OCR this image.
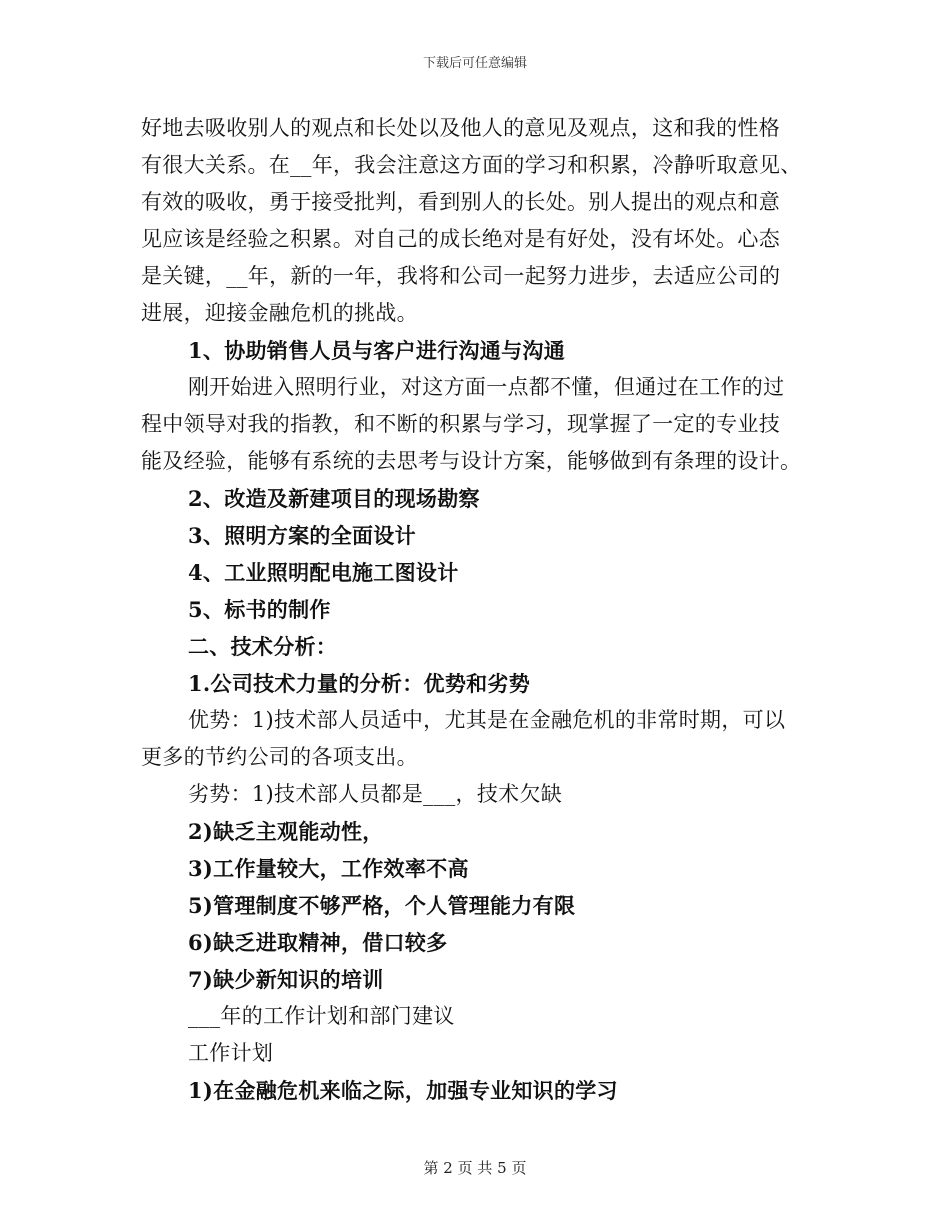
下载后可任意编辑
好地去吸收别人的观点和长处以及他人的意见及观点，这和我的性格
有很大关系。在__年，我会注意这方面的学习和积累，冷静听取意见、
有效的吸收，勇于接受批判，看到别人的长处。别人提出的观点和意
见应该是经验之积累。对自己的成长绝对是有好处，没有坏处。心态
是关键，__年，新的一年，我将和公司一起努力进步，去适应公司的
进展，迎接金融危机的挑战。
1、协助销售人员与客户进行沟通与沟通
刚开始进入照明行业，对这方面一点都不懂，但通过在工作的过
程中领导对我的指教，和不断的积累与学习，现掌握了一定的专业技
能及经验，能够有系统的去思考与设计方案，能够做到有条理的设计。
2、改造及新建项目的现场勘察
3、照明方案的全面设计
4、工业照明配电施工图设计
5、标书的制作
二、技术分析：
1.公司技术力量的分析：优势和劣势
优势：1)技术部人员适中，尤其是在金融危机的非常时期，可以
更多的节约公司的各项支出。
劣势：1)技术部人员都是___，技术欠缺
2)缺乏主观能动性，
3)工作量较大，工作效率不高
5)管理制度不够严格，个人管理能力有限
6)缺乏进取精神，借口较多
7)缺少新知识的培训
___年的工作计划和部门建议
工作计划
1)在金融危机来临之际，加强专业知识的学习
第 2 页 共 5 页
